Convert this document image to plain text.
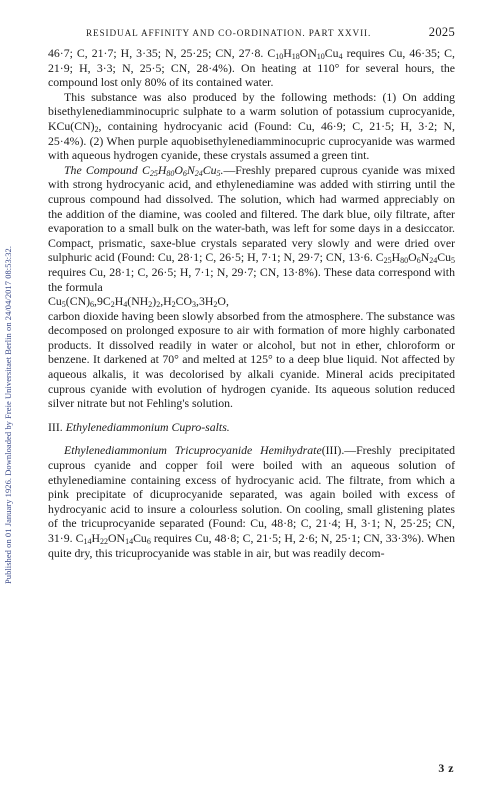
Published on 01 January 1926. Downloaded by Freie Universitaet Berlin on 24/04/2017 08:53:32.
RESIDUAL AFFINITY AND CO-ORDINATION. PART XXVII.	2025

46·7; C, 21·7; H, 3·35; N, 25·25; CN, 27·8. $C_{10}H_{18}ON_{10}Cu_4$ requires Cu, 46·35; C, 21·9; H, 3·3; N, 25·5; CN, 28·4%). On heating at 110° for several hours, the compound lost only 80% of its contained water.

This substance was also produced by the following methods: (1) On adding bisethylenediamminocupric sulphate to a warm solution of potassium cuprocyanide, $KCu(CN)_2$, containing hydrocyanic acid (Found: Cu, 46·9; C, 21·5; H, 3·2; N, 25·4%). (2) When purple aquobisethylenediamminocupric cuprocyanide was warmed with aqueous hydrogen cyanide, these crystals assumed a green tint.

The Compound $C_{25}H_{80}O_6N_{24}Cu_5.—Freshly$ prepared cuprous cyanide was mixed with strong hydrocyanic acid, and ethylenediamine was added with stirring until the cuprous compound had dissolved. The solution, which had warmed appreciably on the addition of the diamine, was cooled and filtered. The dark blue, oily filtrate, after evaporation to a small bulk on the water-bath, was left for some days in a desiccator. Compact, prismatic, saxe-blue crystals separated very slowly and were dried over sulphuric acid (Found: Cu, 28·1; C, 26·5; H, 7·1; N, 29·7; CN, 13·6. $C_{25}H_{80}O_6N_{24}Cu_5$ requires Cu, 28·1; C, 26·5; H, 7·1; N, 29·7; CN, 13·8%). These data correspond with the formula

$Cu_5(CN)_6,9C_2H_4(NH_2)_2,H_2CO_3,3H_2O$,

carbon dioxide having been slowly absorbed from the atmosphere. The substance was decomposed on prolonged exposure to air with formation of more highly carbonated products. It dissolved readily in water or alcohol, but not in ether, chloroform or benzene. It darkened at 70° and melted at 125° to a deep blue liquid. Not affected by aqueous alkalis, it was decolorised by alkali cyanide. Mineral acids precipitated cuprous cyanide with evolution of hydrogen cyanide. Its aqueous solution reduced silver nitrate but not Fehling's solution.

III. Ethylenediammonium Cupro-salts.

Ethylenediammonium Tricuprocyanide Hemihydrate(III).—Freshly precipitated cuprous cyanide and copper foil were boiled with an aqueous solution of ethylenediamine containing excess of hydrocyanic acid. The filtrate, from which a pink precipitate of dicuprocyanide separated, was again boiled with excess of hydrocyanic acid to insure a colourless solution. On cooling, small glistening plates of the tricuprocyanide separated (Found: Cu, 48·8; C, 21·4; H, 3·1; N, 25·25; CN, 31·9. $C_{14}H_{22}ON_{14}Cu_6$ requires Cu, 48·8; C, 21·5; H, 2·6; N, 25·1; CN, 33·3%). When quite dry, this tricuprocyanide was stable in air, but was readily decom-

3 z
